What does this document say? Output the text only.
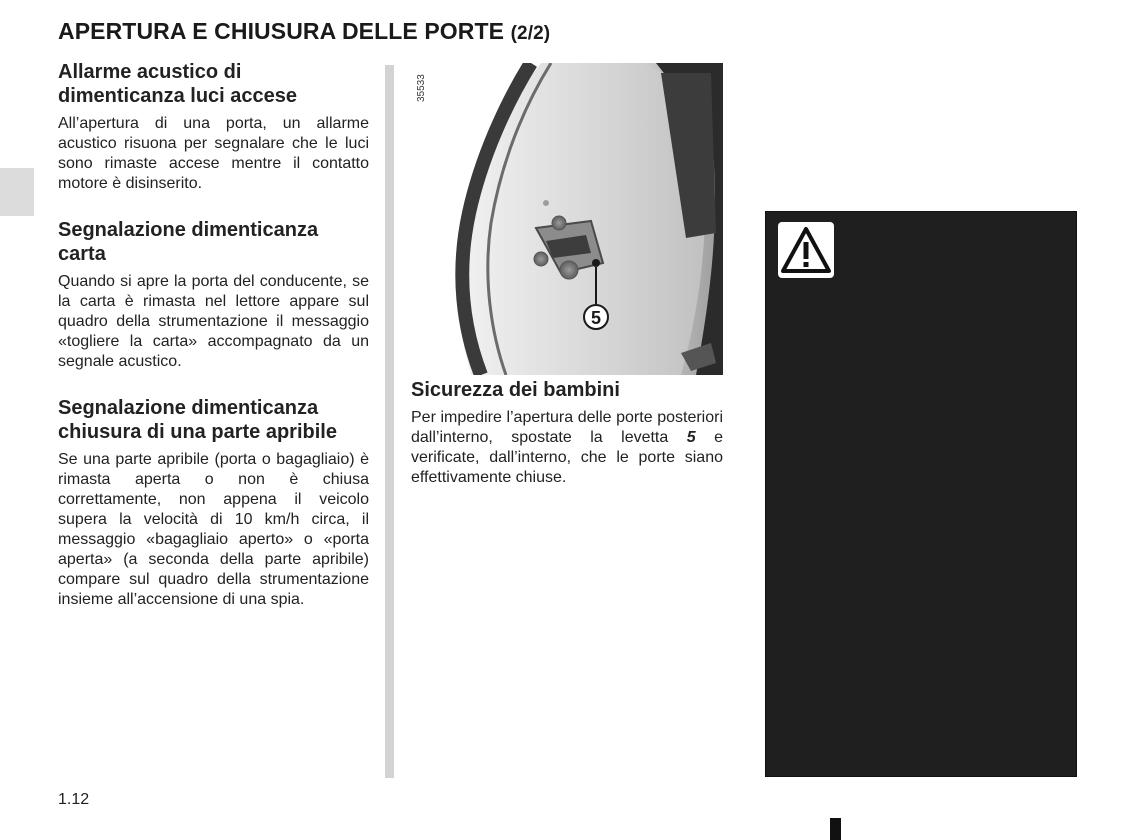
APERTURA E CHIUSURA DELLE PORTE (2/2)
Allarme acustico di dimenticanza luci accese

All’apertura di una porta, un allarme acustico risuona per segnalare che le luci sono rimaste accese mentre il contatto motore è disinserito.

Segnalazione dimenticanza carta

Quando si apre la porta del conducente, se la carta è rimasta nel lettore appare sul quadro della strumentazione il messaggio «togliere la carta» accompagnato da un segnale acustico.

Segnalazione dimenticanza chiusura di una parte apribile

Se una parte apribile (porta o bagagliaio) è rimasta aperta o non è chiusa correttamente, non appena il veicolo supera la velocità di 10 km/h circa, il messaggio «bagagliaio aperto» o «porta aperta» (a seconda della parte apribile) compare sul quadro della strumentazione insieme all’accensione di una spia.

5
35533
Sicurezza dei bambini

Per impedire l’apertura delle porte posteriori dall’interno, spostate la levetta 5 e verificate, dall’interno, che le porte siano effettivamente chiuse.

1.12
